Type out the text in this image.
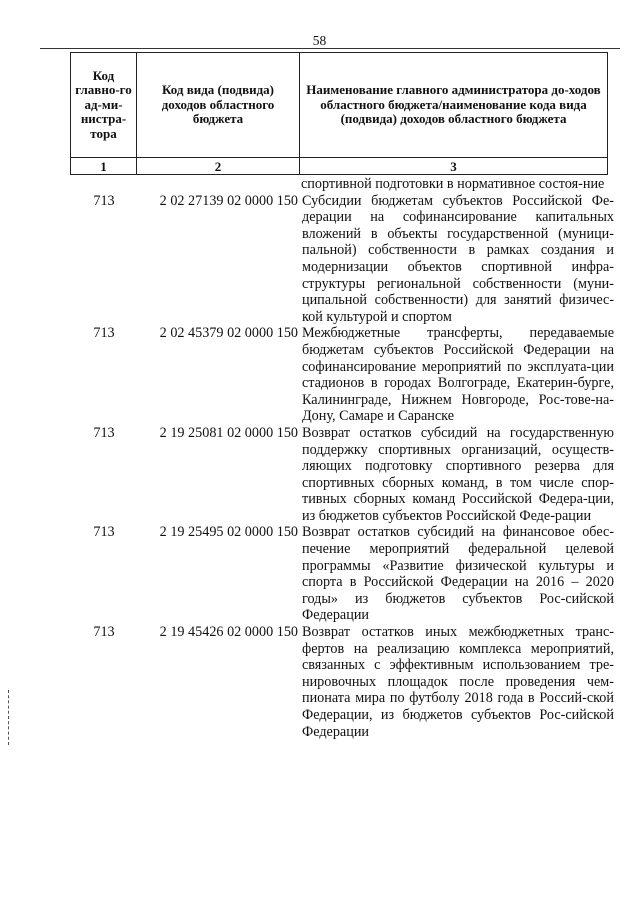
58
Код главно-го ад-ми-нистра-тора	Код вида (подвида) доходов областного бюджета	Наименование главного администратора до-ходов областного бюджета/наименование кода вида (подвида) доходов областного бюджета
1	2	3
спортивной подготовки в нормативное состоя-ние
713	2 02 27139 02 0000 150 Субсидии бюджетам субъектов Российской Фе-дерации на софинансирование капитальных вложений в объекты государственной (муници-пальной) собственности в рамках создания и модернизации объектов спортивной инфра-структуры региональной собственности (муни-ципальной собственности) для занятий физичес-кой культурой и спортом
713	2 02 45379 02 0000 150 Межбюджетные трансферты, передаваемые бюджетам субъектов Российской Федерации на софинансирование мероприятий по эксплуата-ции стадионов в городах Волгограде, Екатерин-бурге, Калининграде, Нижнем Новгороде, Рос-тове-на-Дону, Самаре и Саранске
713	2 19 25081 02 0000 150 Возврат остатков субсидий на государственную поддержку спортивных организаций, осуществ-ляющих подготовку спортивного резерва для спортивных сборных команд, в том числе спор-тивных сборных команд Российской Федера-ции, из бюджетов субъектов Российской Феде-рации
713	2 19 25495 02 0000 150 Возврат остатков субсидий на финансовое обес-печение мероприятий федеральной целевой программы «Развитие физической культуры и спорта в Российской Федерации на 2016 – 2020 годы» из бюджетов субъектов Рос-сийской Федерации
713	2 19 45426 02 0000 150 Возврат остатков иных межбюджетных транс-фертов на реализацию комплекса мероприятий, связанных с эффективным использованием тре-нировочных площадок после проведения чем-пионата мира по футболу 2018 года в Россий-ской Федерации, из бюджетов субъектов Рос-сийской Федерации
